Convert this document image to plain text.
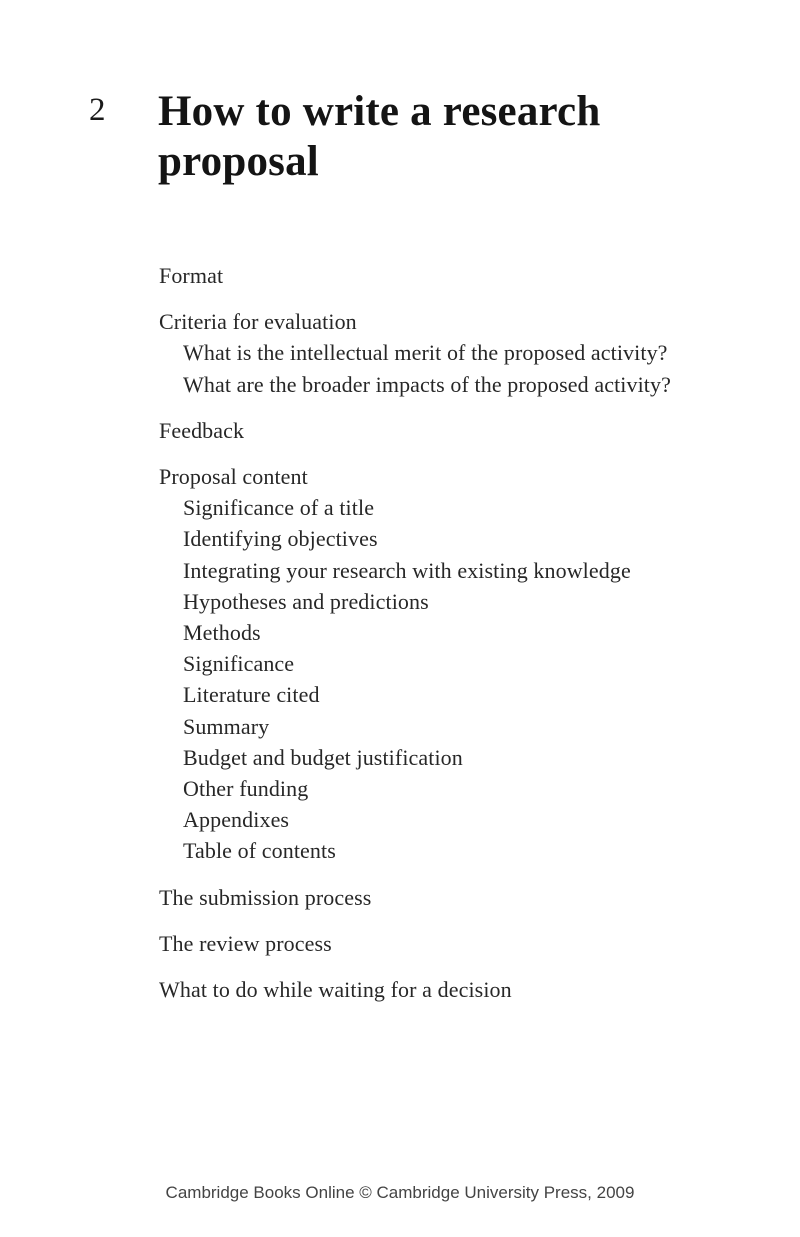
2 How to write a research proposal
Format
Criteria for evaluation
What is the intellectual merit of the proposed activity?
What are the broader impacts of the proposed activity?
Feedback
Proposal content
Significance of a title
Identifying objectives
Integrating your research with existing knowledge
Hypotheses and predictions
Methods
Significance
Literature cited
Summary
Budget and budget justification
Other funding
Appendixes
Table of contents
The submission process
The review process
What to do while waiting for a decision
Cambridge Books Online © Cambridge University Press, 2009
